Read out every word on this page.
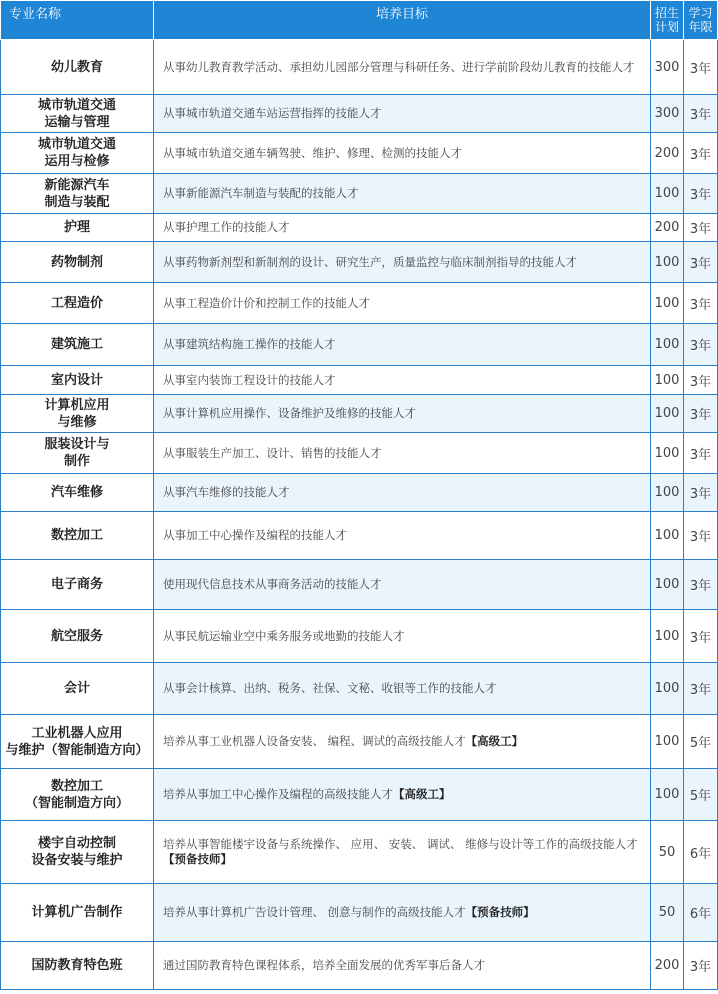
专业名称	培养目标	招生计划	学习年限
幼儿教育	从事幼儿教育教学活动、承担幼儿园部分管理与科研任务、进行学前阶段幼儿教育的技能人才	300	3年
城市轨道交通
运输与管理	从事城市轨道交通车站运营指挥的技能人才	300	3年
城市轨道交通
运用与检修	从事城市轨道交通车辆驾驶、维护、修理、检测的技能人才	200	3年
新能源汽车
制造与装配	从事新能源汽车制造与装配的技能人才	100	3年
护理	从事护理工作的技能人才	200	3年
药物制剂	从事药物新剂型和新制剂的设计、研究生产，质量监控与临床制剂指导的技能人才	100	3年
工程造价	从事工程造价计价和控制工作的技能人才	100	3年
建筑施工	从事建筑结构施工操作的技能人才	100	3年
室内设计	从事室内装饰工程设计的技能人才	100	3年
计算机应用
与维修	从事计算机应用操作、设备维护及维修的技能人才	100	3年
服装设计与
制作	从事服装生产加工、设计、销售的技能人才	100	3年
汽车维修	从事汽车维修的技能人才	100	3年
数控加工	从事加工中心操作及编程的技能人才	100	3年
电子商务	使用现代信息技术从事商务活动的技能人才	100	3年
航空服务	从事民航运输业空中乘务服务或地勤的技能人才	100	3年
会计	从事会计核算、出纳、税务、社保、文秘、收银等工作的技能人才	100	3年
工业机器人应用
与维护（智能制造方向）	培养从事工业机器人设备安装、 编程、调试的高级技能人才【高级工】	100	5年
数控加工
（智能制造方向）	培养从事加工中心操作及编程的高级技能人才【高级工】	100	5年
楼宇自动控制
设备安装与维护	培养从事智能楼宇设备与系统操作、 应用、 安装、 调试、 维修与设计等工作的高级技能人才【预备技师】	50	6年
计算机广告制作	培养从事计算机广告设计管理、 创意与制作的高级技能人才【预备技师】	50	6年
国防教育特色班	通过国防教育特色课程体系，培养全面发展的优秀军事后备人才	200	3年
